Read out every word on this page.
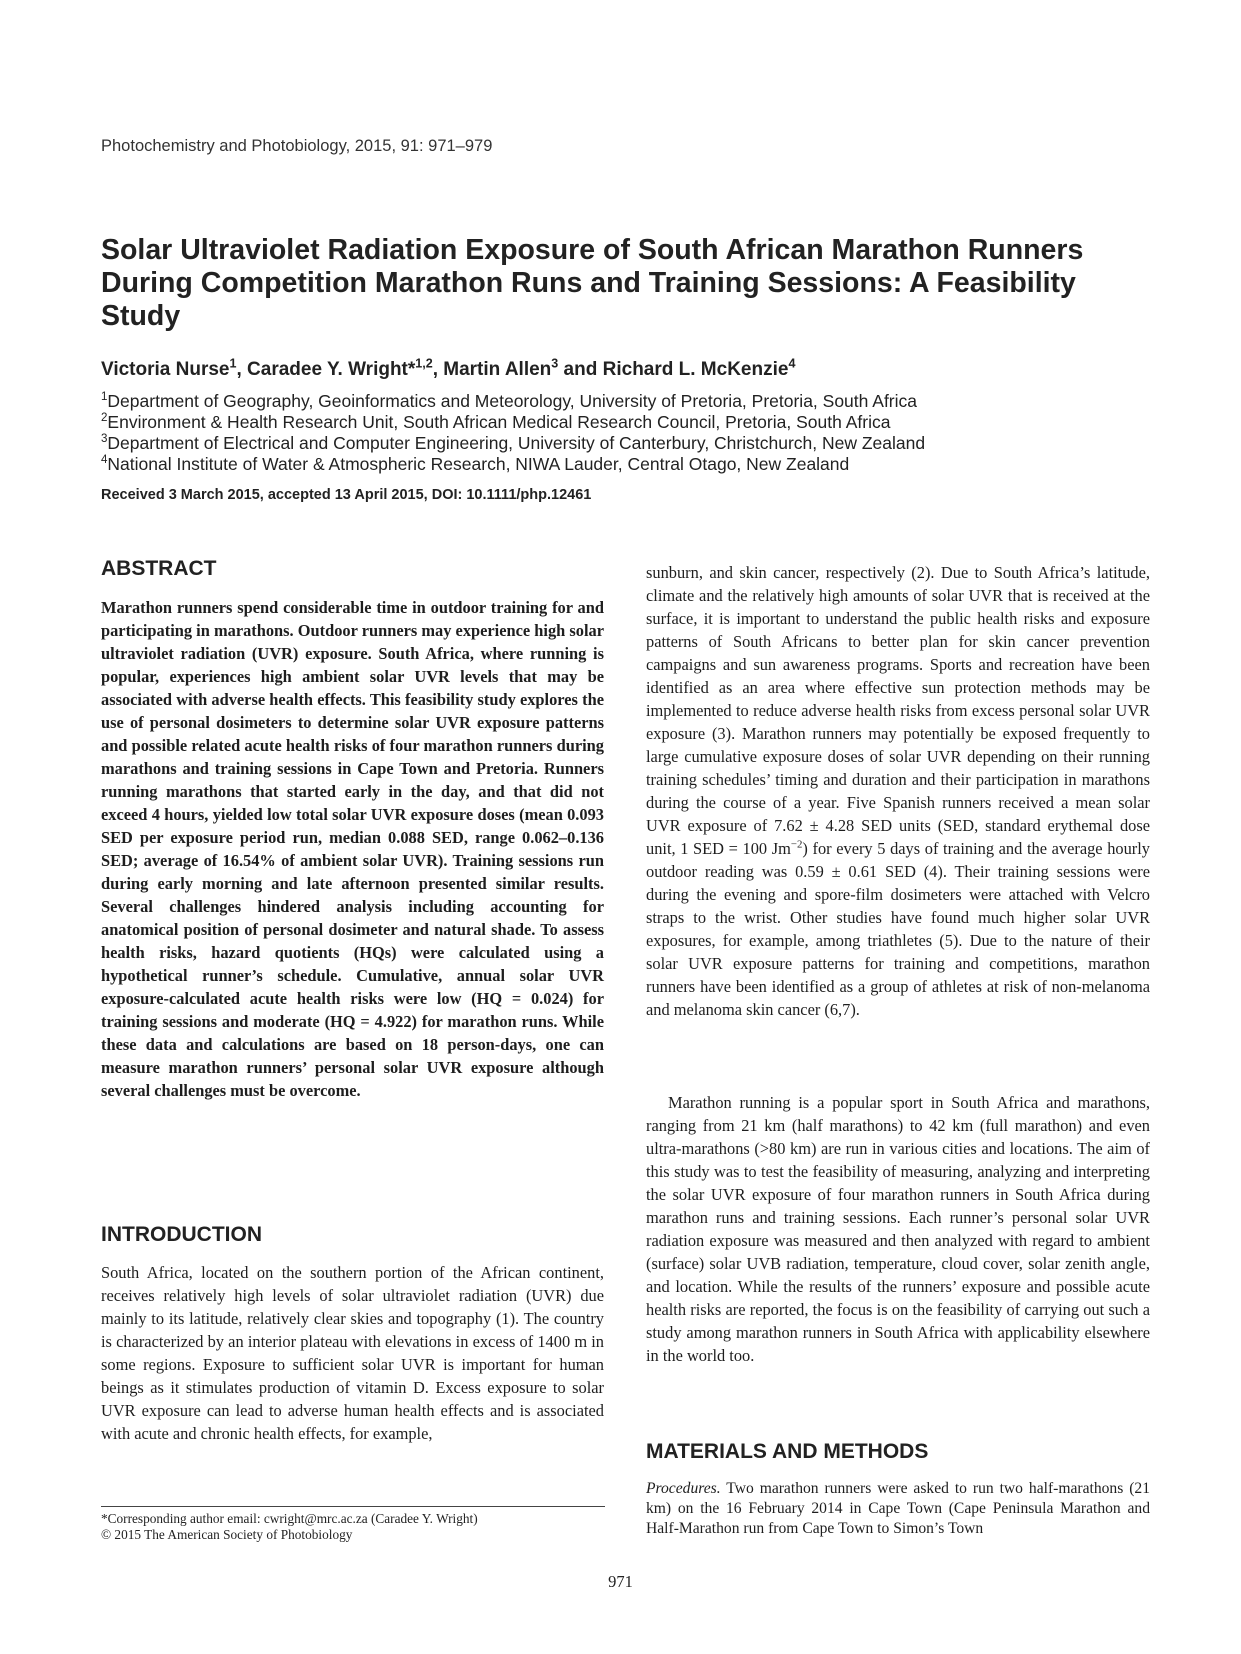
Photochemistry and Photobiology, 2015, 91: 971–979
Solar Ultraviolet Radiation Exposure of South African Marathon Runners During Competition Marathon Runs and Training Sessions: A Feasibility Study
Victoria Nurse$^1$, Caradee Y. Wright*$^{1,2}$, Martin Allen$^3$ and Richard L. McKenzie$^4$
$^1$Department of Geography, Geoinformatics and Meteorology, University of Pretoria, Pretoria, South Africa
$^2$Environment & Health Research Unit, South African Medical Research Council, Pretoria, South Africa
$^3$Department of Electrical and Computer Engineering, University of Canterbury, Christchurch, New Zealand
$^4$National Institute of Water & Atmospheric Research, NIWA Lauder, Central Otago, New Zealand
Received 3 March 2015, accepted 13 April 2015, DOI: 10.1111/php.12461
ABSTRACT
Marathon runners spend considerable time in outdoor training for and participating in marathons. Outdoor runners may experience high solar ultraviolet radiation (UVR) exposure. South Africa, where running is popular, experiences high ambient solar UVR levels that may be associated with adverse health effects. This feasibility study explores the use of personal dosimeters to determine solar UVR exposure patterns and possible related acute health risks of four marathon runners during marathons and training sessions in Cape Town and Pretoria. Runners running marathons that started early in the day, and that did not exceed 4 hours, yielded low total solar UVR exposure doses (mean 0.093 SED per exposure period run, median 0.088 SED, range 0.062–0.136 SED; average of 16.54% of ambient solar UVR). Training sessions run during early morning and late afternoon presented similar results. Several challenges hindered analysis including accounting for anatomical position of personal dosimeter and natural shade. To assess health risks, hazard quotients (HQs) were calculated using a hypothetical runner’s schedule. Cumulative, annual solar UVR exposure-calculated acute health risks were low (HQ = 0.024) for training sessions and moderate (HQ = 4.922) for marathon runs. While these data and calculations are based on 18 person-days, one can measure marathon runners’ personal solar UVR exposure although several challenges must be overcome.
INTRODUCTION
South Africa, located on the southern portion of the African continent, receives relatively high levels of solar ultraviolet radiation (UVR) due mainly to its latitude, relatively clear skies and topography (1). The country is characterized by an interior plateau with elevations in excess of 1400 m in some regions. Exposure to sufficient solar UVR is important for human beings as it stimulates production of vitamin D. Excess exposure to solar UVR exposure can lead to adverse human health effects and is associated with acute and chronic health effects, for example,
*Corresponding author email: cwright@mrc.ac.za (Caradee Y. Wright)
© 2015 The American Society of Photobiology
sunburn, and skin cancer, respectively (2). Due to South Africa’s latitude, climate and the relatively high amounts of solar UVR that is received at the surface, it is important to understand the public health risks and exposure patterns of South Africans to better plan for skin cancer prevention campaigns and sun awareness programs. Sports and recreation have been identified as an area where effective sun protection methods may be implemented to reduce adverse health risks from excess personal solar UVR exposure (3). Marathon runners may potentially be exposed frequently to large cumulative exposure doses of solar UVR depending on their running training schedules’ timing and duration and their participation in marathons during the course of a year. Five Spanish runners received a mean solar UVR exposure of 7.62 ± 4.28 SED units (SED, standard erythemal dose unit, 1 SED = 100 $Jm^{-2}$) for every 5 days of training and the average hourly outdoor reading was 0.59 ± 0.61 SED (4). Their training sessions were during the evening and spore-film dosimeters were attached with Velcro straps to the wrist. Other studies have found much higher solar UVR exposures, for example, among triathletes (5). Due to the nature of their solar UVR exposure patterns for training and competitions, marathon runners have been identified as a group of athletes at risk of non-melanoma and melanoma skin cancer (6,7).
Marathon running is a popular sport in South Africa and marathons, ranging from 21 km (half marathons) to 42 km (full marathon) and even ultra-marathons (>80 km) are run in various cities and locations. The aim of this study was to test the feasibility of measuring, analyzing and interpreting the solar UVR exposure of four marathon runners in South Africa during marathon runs and training sessions. Each runner’s personal solar UVR radiation exposure was measured and then analyzed with regard to ambient (surface) solar UVB radiation, temperature, cloud cover, solar zenith angle, and location. While the results of the runners’ exposure and possible acute health risks are reported, the focus is on the feasibility of carrying out such a study among marathon runners in South Africa with applicability elsewhere in the world too.
MATERIALS AND METHODS
Procedures. Two marathon runners were asked to run two half-marathons (21 km) on the 16 February 2014 in Cape Town (Cape Peninsula Marathon and Half-Marathon run from Cape Town to Simon’s Town
971
